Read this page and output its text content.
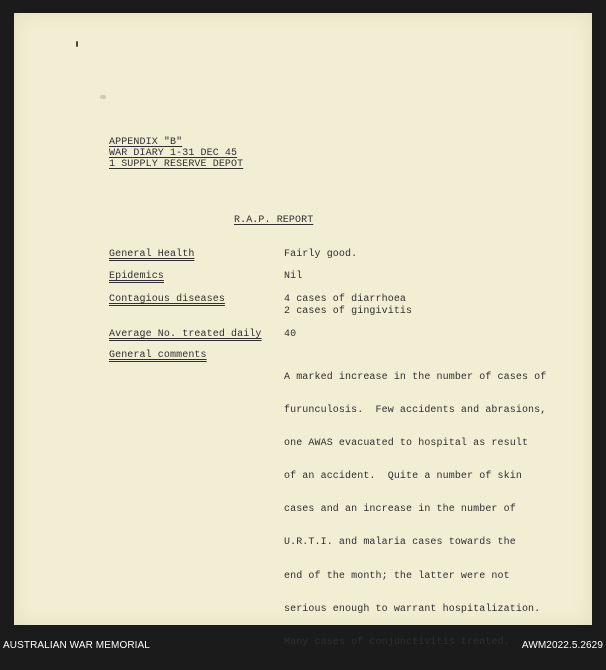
APPENDIX "B"
WAR DIARY 1-31 DEC 45
1 SUPPLY RESERVE DEPOT
R.A.P. REPORT
General Health	Fairly good.
Epidemics	Nil
Contagious diseases	4 cases of diarrhoea
2 cases of gingivitis
Average No. treated daily 40
General comments

A marked increase in the number of cases of

furunculosis.  Few accidents and abrasions,

one AWAS evacuated to hospital as result

of an accident.  Quite a number of skin

cases and an increase in the number of

U.R.T.I. and malaria cases towards the

end of the month; the latter were not

serious enough to warrant hospitalization.

Many cases of conjunctivitis treated.

AUSTRALIAN WAR MEMORIAL	AWM2022.5.2629
